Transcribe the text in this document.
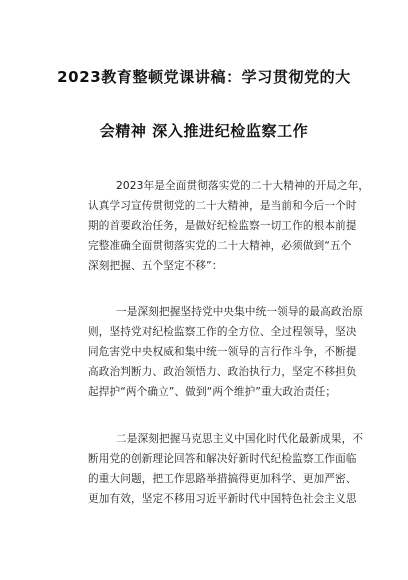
2023教育整顿党课讲稿：学习贯彻党的大
会精神 深入推进纪检监察工作
2023年是全面贯彻落实党的二十大精神的开局之年，
认真学习宣传贯彻党的二十大精神，是当前和今后一个时
期的首要政治任务，是做好纪检监察一切工作的根本前提
完整准确全面贯彻落实党的二十大精神，必须做到“五个
深刻把握、五个坚定不移”：
一是深刻把握坚持党中央集中统一领导的最高政治原
则，坚持党对纪检监察工作的全方位、全过程领导，坚决
同危害党中央权威和集中统一领导的言行作斗争，不断提
高政治判断力、政治领悟力、政治执行力，坚定不移担负
起捍护“两个确立”、做到“两个维护”重大政治责任；
二是深刻把握马克思主义中国化时代化最新成果，不
断用党的创新理论回答和解决好新时代纪检监察工作面临
的重大问题，把工作思路举措搞得更加科学、更加严密、
更加有效，坚定不移用习近平新时代中国特色社会主义思
